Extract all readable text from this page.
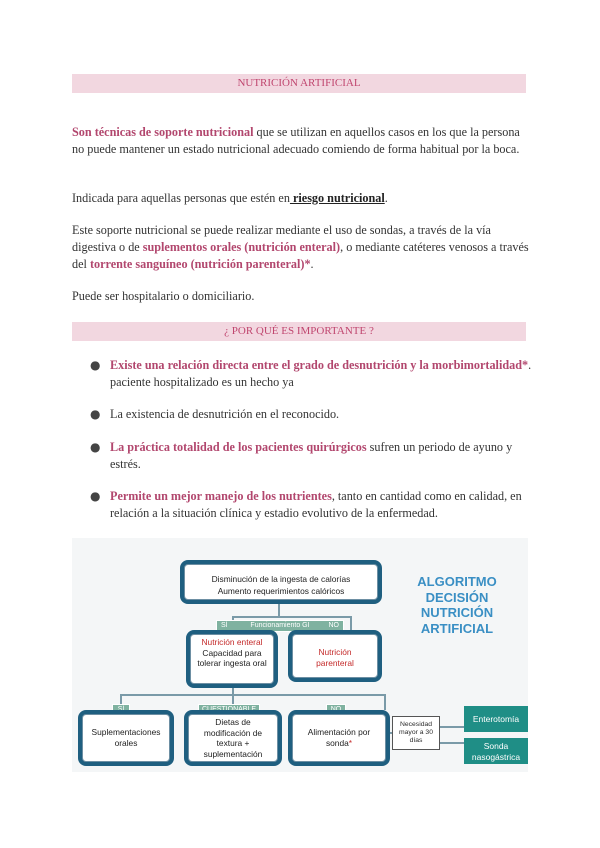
NUTRICIÓN ARTIFICIAL
Son técnicas de soporte nutricional que se utilizan en aquellos casos en los que la persona no puede mantener un estado nutricional adecuado comiendo de forma habitual por la boca.
Indicada para aquellas personas que estén en riesgo nutricional.
Este soporte nutricional se puede realizar mediante el uso de sondas, a través de la vía digestiva o de suplementos orales (nutrición enteral), o mediante catéteres venosos a través del torrente sanguíneo (nutrición parenteral)*.
Puede ser hospitalario o domiciliario.
¿ POR QUÉ ES IMPORTANTE ?
● Existe una relación directa entre el grado de desnutrición y la morbimortalidad*. paciente hospitalizado es un hecho ya
● La existencia de desnutrición en el reconocido.
● La práctica totalidad de los pacientes quirúrgicos sufren un periodo de ayuno y estrés.
● Permite un mejor manejo de los nutrientes, tanto en cantidad como en calidad, en relación a la situación clínica y estadio evolutivo de la enfermedad.
Disminución de la ingesta de calorías
Aumento requerimientos calóricos
ALGORITMO
DECISIÓN
NUTRICIÓN
ARTIFICIAL
SÍ	Funcionamiento GI	NO
Nutrición enteral
Capacidad para tolerar ingesta oral
Nutrición
parenteral
SÍ	CUESTIONABLE	NO
Suplementaciones orales
Dietas de modificación de textura + suplementación
Alimentación por sonda*
Necesidad mayor a 30 días
Enterotomía
Sonda nasogástrica
